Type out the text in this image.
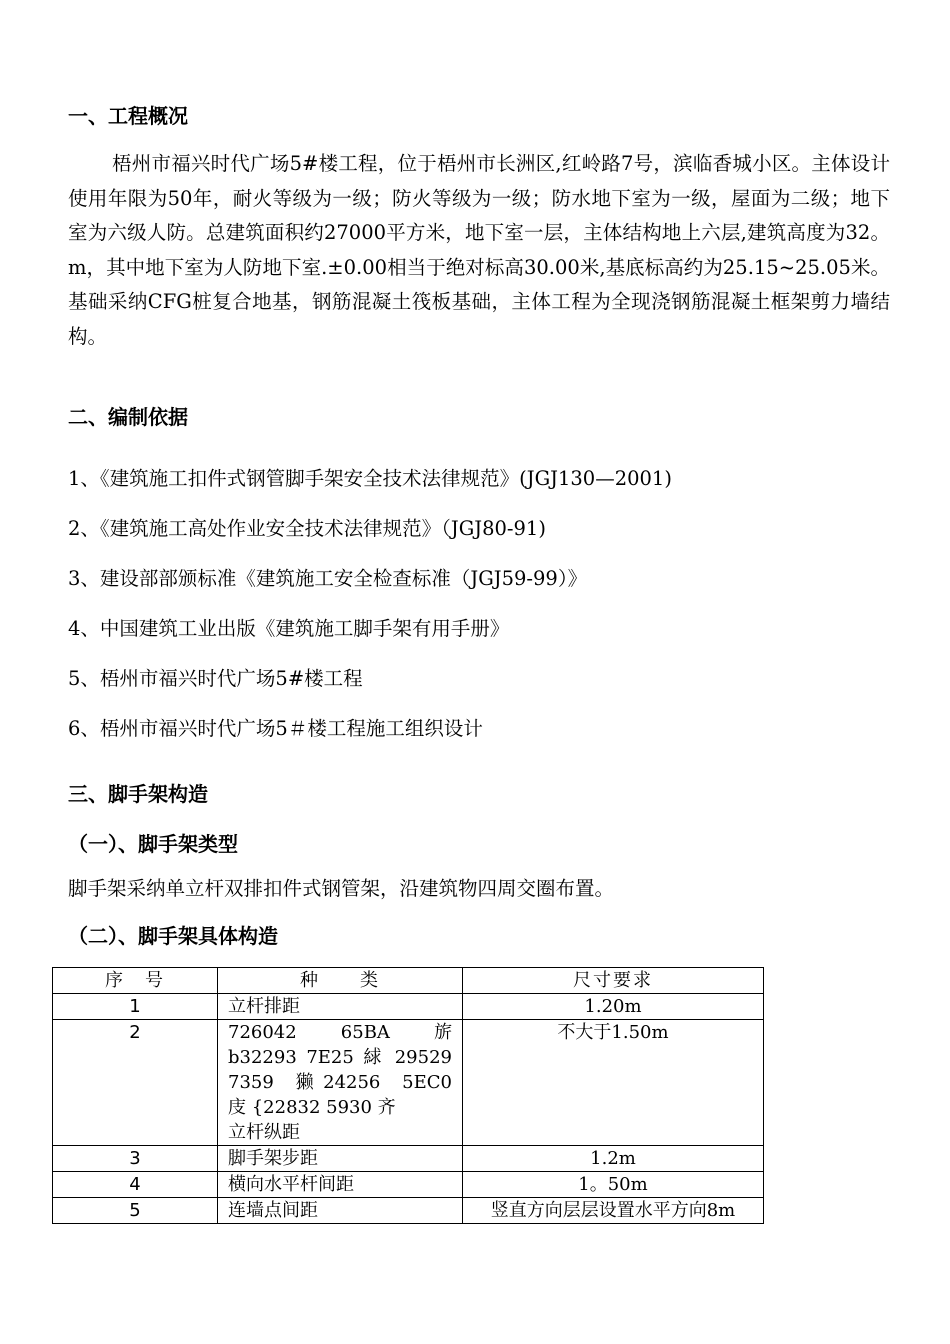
一、工程概况

梧州市福兴时代广场5#楼工程，位于梧州市长洲区,红岭路7号，滨临香城小区。主体设计使用年限为50年，耐火等级为一级；防火等级为一级；防水地下室为一级，屋面为二级；地下室为六级人防。总建筑面积约27000平方米，地下室一层，主体结构地上六层,建筑高度为32。m，其中地下室为人防地下室.±0.00相当于绝对标高30.00米,基底标高约为25.15~25.05米。基础采纳CFG桩复合地基，钢筋混凝土筏板基础，主体工程为全现浇钢筋混凝土框架剪力墙结构。

二、编制依据
1、《建筑施工扣件式钢管脚手架安全技术法律规范》(JGJ130—2001)
2、《建筑施工高处作业安全技术法律规范》（JGJ80-91)
3、建设部部颁标准《建筑施工安全检查标准（JGJ59-99）》
4、中国建筑工业出版《建筑施工脚手架有用手册》
5、梧州市福兴时代广场5#楼工程
6、梧州市福兴时代广场5＃楼工程施工组织设计
三、脚手架构造
（一）、脚手架类型
脚手架采纳单立杆双排扣件式钢管架，沿建筑物四周交圈布置。
（二）、脚手架具体构造
序　号	种　　类	尺寸要求
1	立杆排距	1.20m
2	726042　65BA　旂
b32293 7E25 絿 29529
7359　獭 24256　5EC0
庋 {22832 5930 齐
立杆纵距	不大于1.50m
3	脚手架步距	1.2m
4	横向水平杆间距	1。50m
5	连墙点间距	竖直方向层层设置水平方向8m
